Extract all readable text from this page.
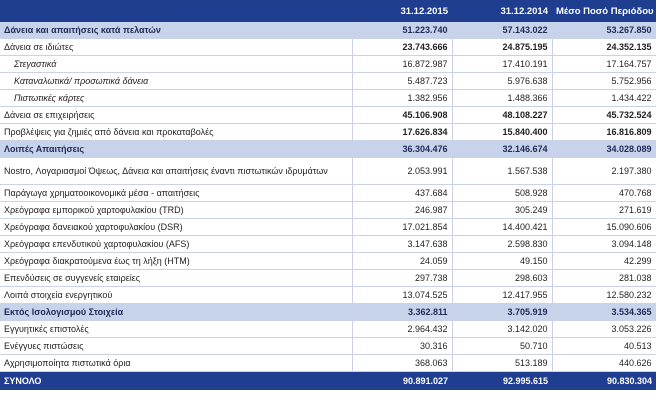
	31.12.2015	31.12.2014	Μέσο Ποσό Περιόδου
Δάνεια και απαιτήσεις κατά πελατών	51.223.740	57.143.022	53.267.850
Δάνεια σε ιδιώτες	23.743.666	24.875.195	24.352.135
Στεγαστικά	16.872.987	17.410.191	17.164.757
Καταναλωτικά/ προσωπικά δάνεια	5.487.723	5.976.638	5.752.956
Πιστωτικές κάρτες	1.382.956	1.488.366	1.434.422
Δάνεια σε επιχειρήσεις	45.106.908	48.108.227	45.732.524
Προβλέψεις για ζημιές από δάνεια και προκαταβολές	17.626.834	15.840.400	16.816.809
Λοιπές Απαιτήσεις	36.304.476	32.146.674	34.028.089
Nostro, Λογαριασμοί Όψεως, Δάνεια και απαιτήσεις έναντι πιστωτικών ιδρυμάτων	2.053.991	1.567.538	2.197.380
Παράγωγα χρηματοοικονομικά μέσα - απαιτήσεις	437.684	508.928	470.768
Χρεόγραφα εμπορικού χαρτοφυλακίου (TRD)	246.987	305.249	271.619
Χρεόγραφα δανειακού χαρτοφυλακίου (DSR)	17.021.854	14.400.421	15.090.606
Χρεόγραφα επενδυτικού χαρτοφυλακίου (AFS)	3.147.638	2.598.830	3.094.148
Χρεόγραφα διακρατούμενα έως τη λήξη (HTM)	24.059	49.150	42.299
Επενδύσεις σε συγγενείς εταιρείες	297.738	298.603	281.038
Λοιπά στοιχεία ενεργητικού	13.074.525	12.417.955	12.580.232
Εκτός Ισολογισμού Στοιχεία	3.362.811	3.705.919	3.534.365
Εγγυητικές επιστολές	2.964.432	3.142.020	3.053.226
Ενέγγυες πιστώσεις	30.316	50.710	40.513
Αχρησιμοποίητα πιστωτικά όρια	368.063	513.189	440.626
ΣΥΝΟΛΟ	90.891.027	92.995.615	90.830.304
